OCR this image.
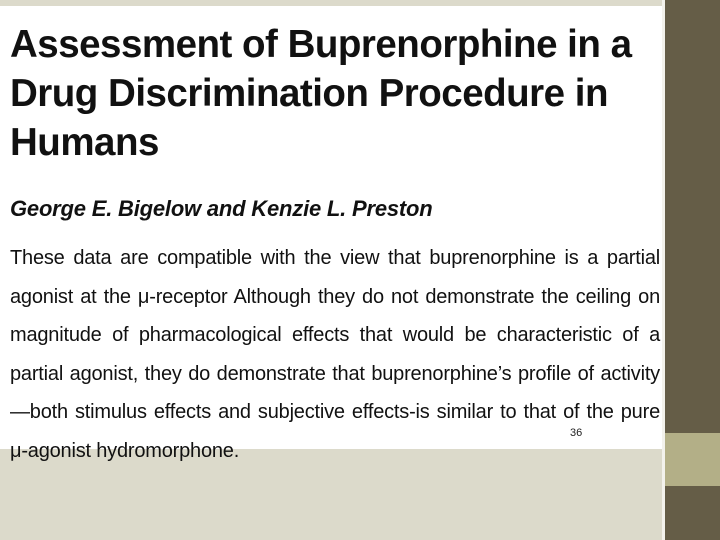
Assessment of Buprenorphine in a Drug Discrimination Procedure in Humans
George E. Bigelow and Kenzie L. Preston
These data are compatible with the view that buprenorphine is a partial agonist at the μ-receptor Although they do not demonstrate the ceiling on magnitude of pharmacological effects that would be characteristic of a partial agonist, they do demonstrate that buprenorphine’s profile of activity—both stimulus effects and subjective effects-is similar to that of the pure μ-agonist hydromorphone.
36
